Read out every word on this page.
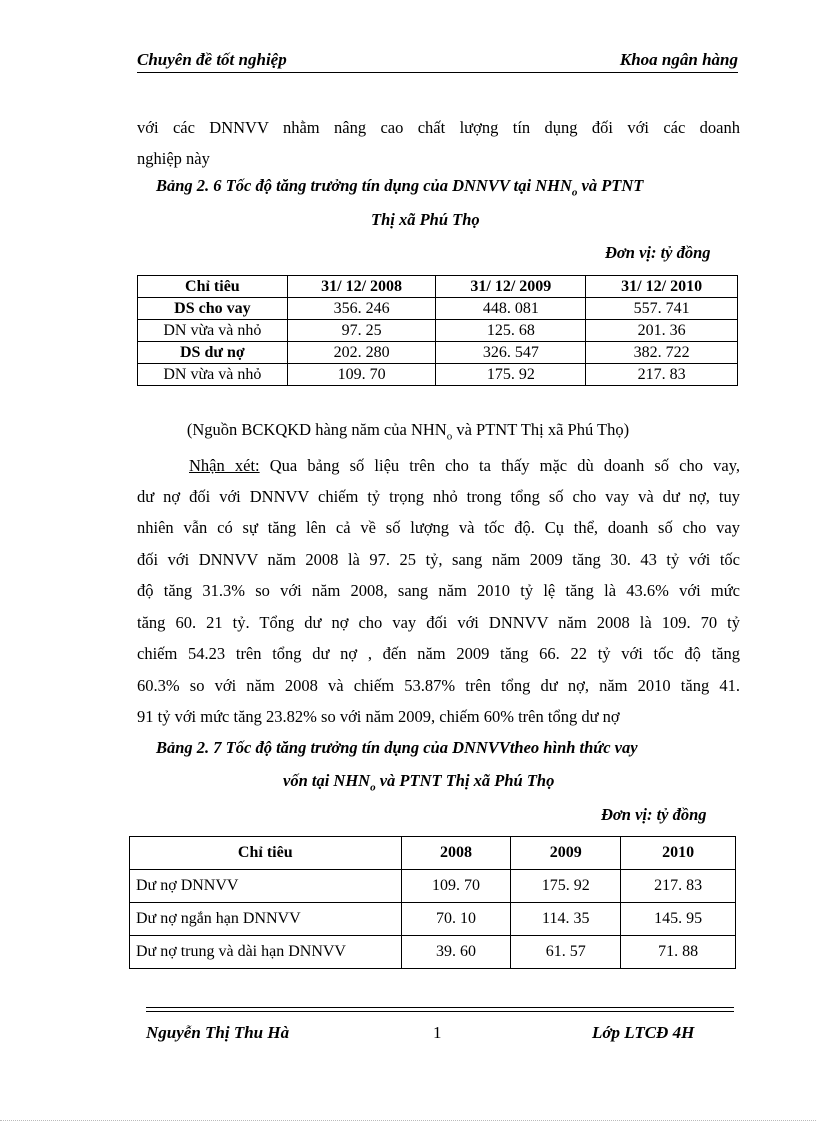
Chuyên đề tốt nghiệp	Khoa ngân hàng

với các DNNVV nhằm nâng cao chất lượng tín dụng đối với các doanh

nghiệp này

Bảng 2. 6 Tốc độ tăng trưởng tín dụng của DNNVV tại $NHN_o$ và PTNT
Thị xã Phú Thọ
Đơn vị: tỷ đồng
Chỉ tiêu	31/ 12/ 2008	31/ 12/ 2009	31/ 12/ 2010
DS cho vay	356. 246	448. 081	557. 741
DN vừa và nhỏ	97. 25	125. 68	201. 36
DS dư nợ	202. 280	326. 547	382. 722
DN vừa và nhỏ	109. 70	175. 92	217. 83
(Nguồn BCKQKD hàng năm của $NHN_o$ và PTNT Thị xã Phú Thọ)

Nhận xét: Qua bảng số liệu trên cho ta thấy mặc dù doanh số cho vay,

dư nợ đối với DNNVV chiếm tỷ trọng nhỏ trong tổng số cho vay và dư nợ, tuy

nhiên vẫn có sự tăng lên cả về số lượng và tốc độ. Cụ thể, doanh số cho vay

đối với DNNVV năm 2008 là 97. 25 tỷ, sang năm 2009 tăng 30. 43 tỷ với tốc

độ tăng 31.3% so với năm 2008, sang năm 2010 tỷ lệ tăng là 43.6% với mức

tăng 60. 21 tỷ. Tổng dư nợ cho vay đối với DNNVV năm 2008 là 109. 70 tỷ

chiếm 54.23 trên tổng dư nợ , đến năm 2009 tăng 66. 22 tỷ với tốc độ tăng

60.3% so với năm 2008 và chiếm 53.87% trên tổng dư nợ, năm 2010 tăng 41.

91 tỷ với mức tăng 23.82% so với năm 2009, chiếm 60% trên tổng dư nợ

Bảng 2. 7 Tốc độ tăng trưởng tín dụng của DNNVVtheo hình thức vay
vốn tại $NHN_o$ và PTNT Thị xã Phú Thọ
Đơn vị: tỷ đồng
Chỉ tiêu	2008	2009	2010
Dư nợ DNNVV	109. 70	175. 92	217. 83
Dư nợ ngắn hạn DNNVV	70. 10	114. 35	145. 95
Dư nợ trung và dài hạn DNNVV	39. 60	61. 57	71. 88
Nguyễn Thị Thu Hà	1	Lớp LTCĐ 4H
